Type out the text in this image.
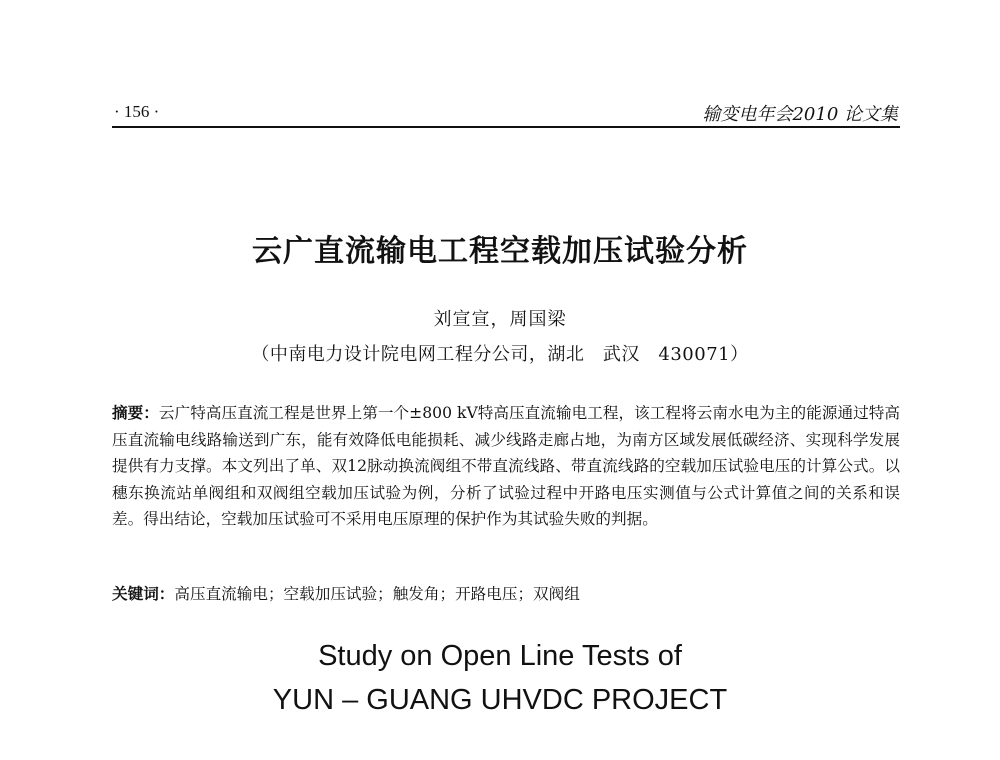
· 156 ·	输变电年会2010 论文集
云广直流输电工程空载加压试验分析
刘宣宣，周国梁
（中南电力设计院电网工程分公司，湖北　武汉　430071）

摘要：云广特高压直流工程是世界上第一个±800 kV特高压直流输电工程，该工程将云南水电为主的能源通过特高压直流输电线路输送到广东，能有效降低电能损耗、减少线路走廊占地，为南方区域发展低碳经济、实现科学发展提供有力支撑。本文列出了单、双12脉动换流阀组不带直流线路、带直流线路的空载加压试验电压的计算公式。以穗东换流站单阀组和双阀组空载加压试验为例，分析了试验过程中开路电压实测值与公式计算值之间的关系和误差。得出结论，空载加压试验可不采用电压原理的保护作为其试验失败的判据。

关键词：高压直流输电；空载加压试验；触发角；开路电压；双阀组

Study on Open Line Tests of
YUN – GUANG UHVDC PROJECT
